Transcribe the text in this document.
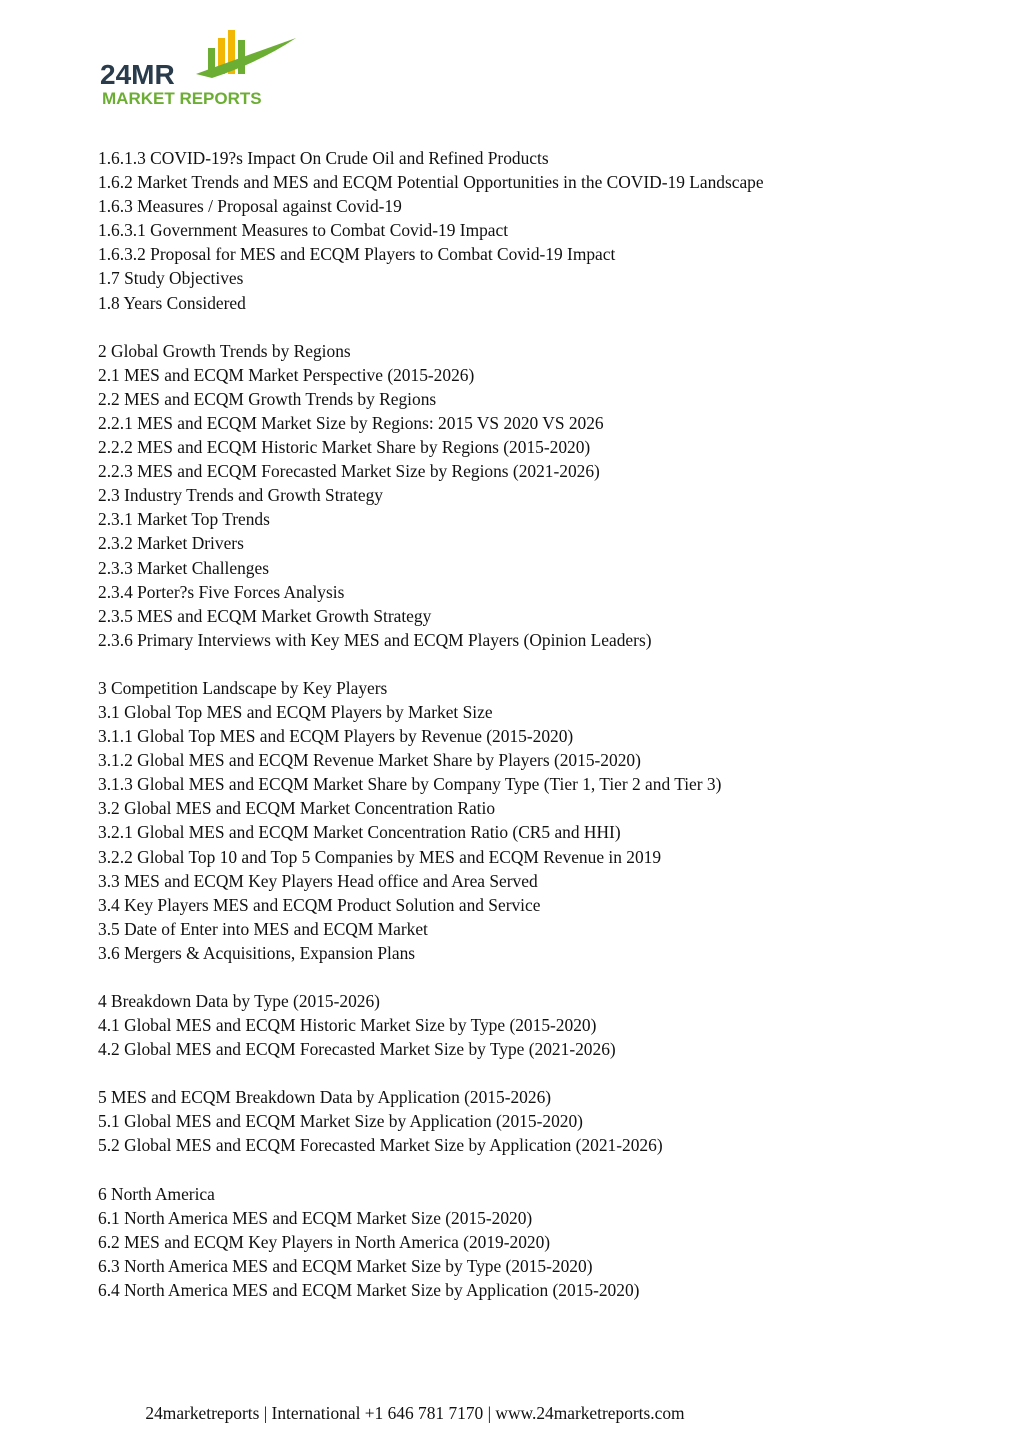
24MR
MARKET REPORTS
1.6.1.3 COVID-19?s Impact On Crude Oil and Refined Products
1.6.2 Market Trends and MES and ECQM Potential Opportunities in the COVID-19 Landscape
1.6.3 Measures / Proposal against Covid-19
1.6.3.1 Government Measures to Combat Covid-19 Impact
1.6.3.2 Proposal for MES and ECQM Players to Combat Covid-19 Impact
1.7 Study Objectives
1.8 Years Considered
2 Global Growth Trends by Regions
2.1 MES and ECQM Market Perspective (2015-2026)
2.2 MES and ECQM Growth Trends by Regions
2.2.1 MES and ECQM Market Size by Regions: 2015 VS 2020 VS 2026
2.2.2 MES and ECQM Historic Market Share by Regions (2015-2020)
2.2.3 MES and ECQM Forecasted Market Size by Regions (2021-2026)
2.3 Industry Trends and Growth Strategy
2.3.1 Market Top Trends
2.3.2 Market Drivers
2.3.3 Market Challenges
2.3.4 Porter?s Five Forces Analysis
2.3.5 MES and ECQM Market Growth Strategy
2.3.6 Primary Interviews with Key MES and ECQM Players (Opinion Leaders)
3 Competition Landscape by Key Players
3.1 Global Top MES and ECQM Players by Market Size
3.1.1 Global Top MES and ECQM Players by Revenue (2015-2020)
3.1.2 Global MES and ECQM Revenue Market Share by Players (2015-2020)
3.1.3 Global MES and ECQM Market Share by Company Type (Tier 1, Tier 2 and Tier 3)
3.2 Global MES and ECQM Market Concentration Ratio
3.2.1 Global MES and ECQM Market Concentration Ratio (CR5 and HHI)
3.2.2 Global Top 10 and Top 5 Companies by MES and ECQM Revenue in 2019
3.3 MES and ECQM Key Players Head office and Area Served
3.4 Key Players MES and ECQM Product Solution and Service
3.5 Date of Enter into MES and ECQM Market
3.6 Mergers & Acquisitions, Expansion Plans
4 Breakdown Data by Type (2015-2026)
4.1 Global MES and ECQM Historic Market Size by Type (2015-2020)
4.2 Global MES and ECQM Forecasted Market Size by Type (2021-2026)
5 MES and ECQM Breakdown Data by Application (2015-2026)
5.1 Global MES and ECQM Market Size by Application (2015-2020)
5.2 Global MES and ECQM Forecasted Market Size by Application (2021-2026)
6 North America
6.1 North America MES and ECQM Market Size (2015-2020)
6.2 MES and ECQM Key Players in North America (2019-2020)
6.3 North America MES and ECQM Market Size by Type (2015-2020)
6.4 North America MES and ECQM Market Size by Application (2015-2020)
24marketreports | International +1 646 781 7170 | www.24marketreports.com
